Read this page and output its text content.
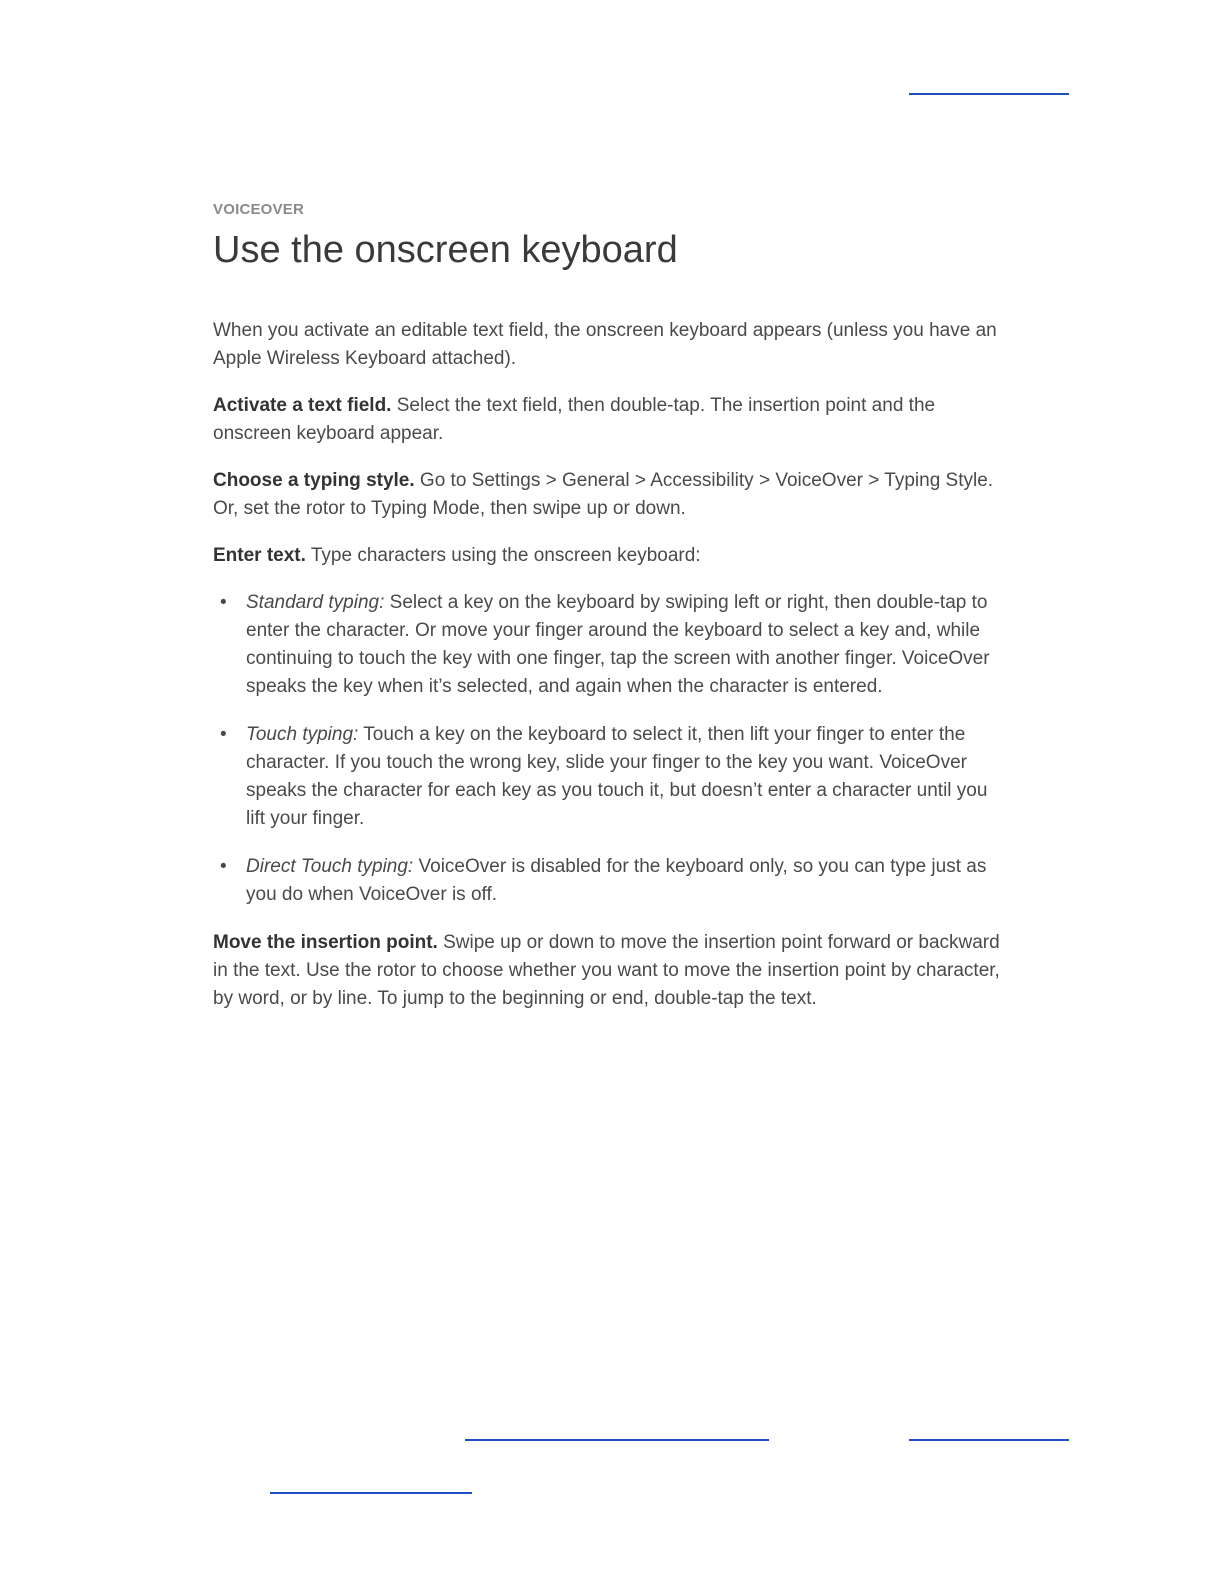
VOICEOVER

Use the onscreen keyboard

When you activate an editable text field, the onscreen keyboard appears (unless you have an Apple Wireless Keyboard attached).

Activate a text field. Select the text field, then double-tap. The insertion point and the onscreen keyboard appear.

Choose a typing style. Go to Settings > General > Accessibility > VoiceOver > Typing Style. Or, set the rotor to Typing Mode, then swipe up or down.

Enter text. Type characters using the onscreen keyboard:

• Standard typing: Select a key on the keyboard by swiping left or right, then double-tap to enter the character. Or move your finger around the keyboard to select a key and, while continuing to touch the key with one finger, tap the screen with another finger. VoiceOver speaks the key when it’s selected, and again when the character is entered.
• Touch typing: Touch a key on the keyboard to select it, then lift your finger to enter the character. If you touch the wrong key, slide your finger to the key you want. VoiceOver speaks the character for each key as you touch it, but doesn’t enter a character until you lift your finger.
• Direct Touch typing: VoiceOver is disabled for the keyboard only, so you can type just as you do when VoiceOver is off.

Move the insertion point. Swipe up or down to move the insertion point forward or backward in the text. Use the rotor to choose whether you want to move the insertion point by character, by word, or by line. To jump to the beginning or end, double-tap the text.
